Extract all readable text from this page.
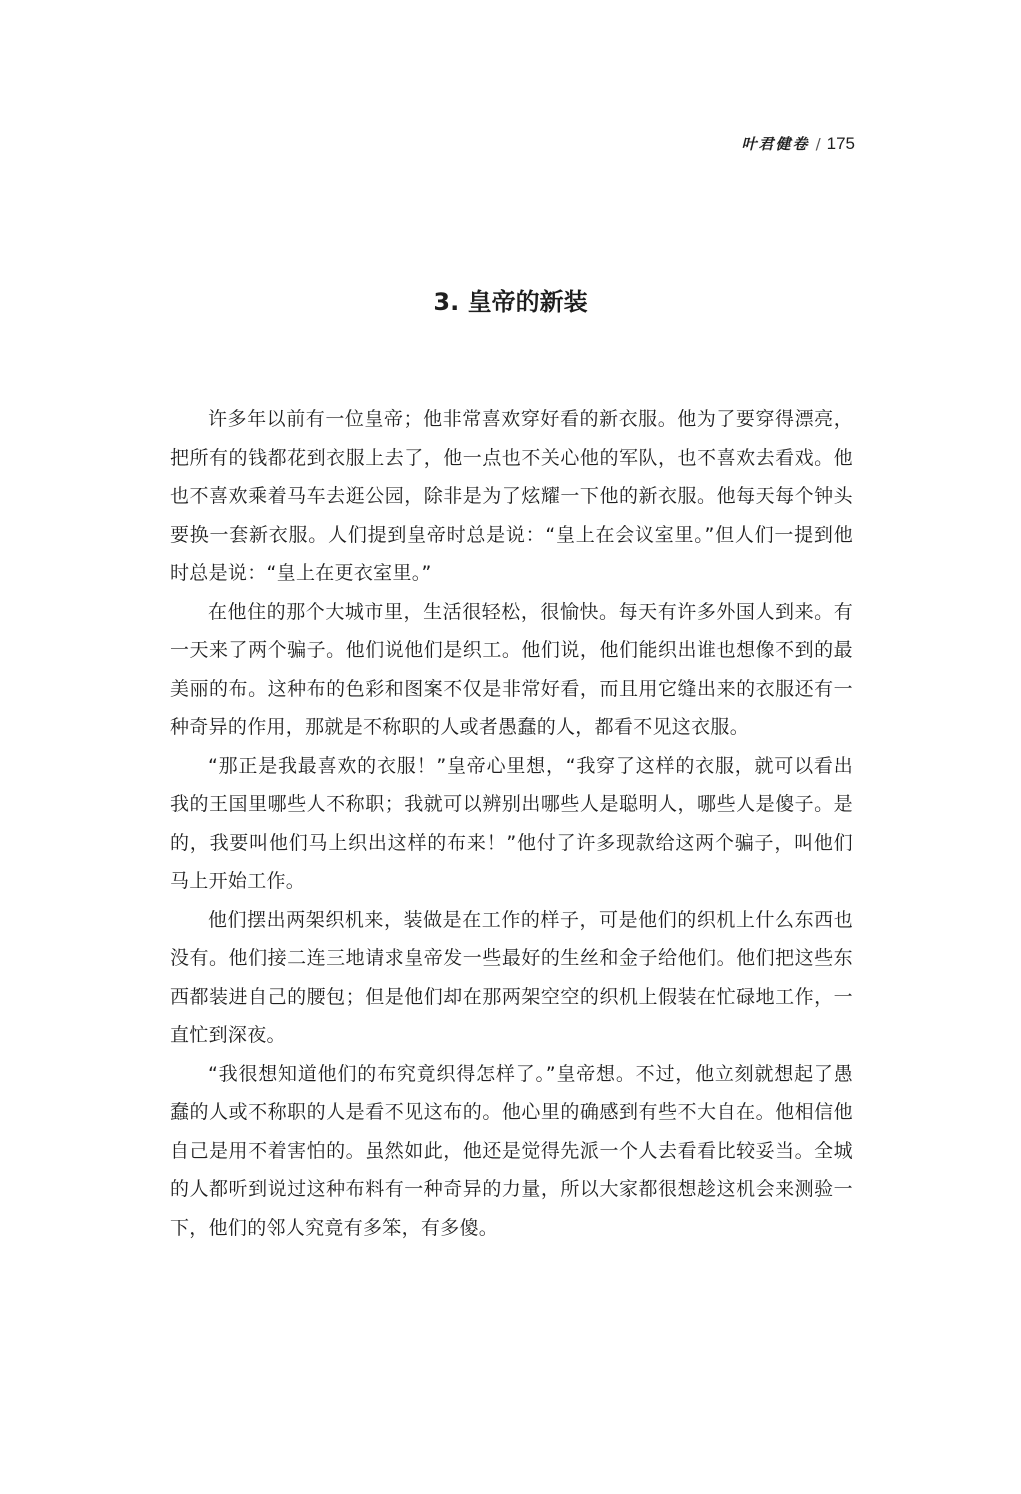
叶君健卷 / 175
3. 皇帝的新装

许多年以前有一位皇帝；他非常喜欢穿好看的新衣服。他为了要穿得漂亮，把所有的钱都花到衣服上去了，他一点也不关心他的军队，也不喜欢去看戏。他也不喜欢乘着马车去逛公园，除非是为了炫耀一下他的新衣服。他每天每个钟头要换一套新衣服。人们提到皇帝时总是说：“皇上在会议室里。”但人们一提到他时总是说：“皇上在更衣室里。”

在他住的那个大城市里，生活很轻松，很愉快。每天有许多外国人到来。有一天来了两个骗子。他们说他们是织工。他们说，他们能织出谁也想像不到的最美丽的布。这种布的色彩和图案不仅是非常好看，而且用它缝出来的衣服还有一种奇异的作用，那就是不称职的人或者愚蠢的人，都看不见这衣服。

“那正是我最喜欢的衣服！”皇帝心里想，“我穿了这样的衣服，就可以看出我的王国里哪些人不称职；我就可以辨别出哪些人是聪明人，哪些人是傻子。是的，我要叫他们马上织出这样的布来！”他付了许多现款给这两个骗子，叫他们马上开始工作。

他们摆出两架织机来，装做是在工作的样子，可是他们的织机上什么东西也没有。他们接二连三地请求皇帝发一些最好的生丝和金子给他们。他们把这些东西都装进自己的腰包；但是他们却在那两架空空的织机上假装在忙碌地工作，一直忙到深夜。

“我很想知道他们的布究竟织得怎样了。”皇帝想。不过，他立刻就想起了愚蠢的人或不称职的人是看不见这布的。他心里的确感到有些不大自在。他相信他自己是用不着害怕的。虽然如此，他还是觉得先派一个人去看看比较妥当。全城的人都听到说过这种布料有一种奇异的力量，所以大家都很想趁这机会来测验一下，他们的邻人究竟有多笨，有多傻。
